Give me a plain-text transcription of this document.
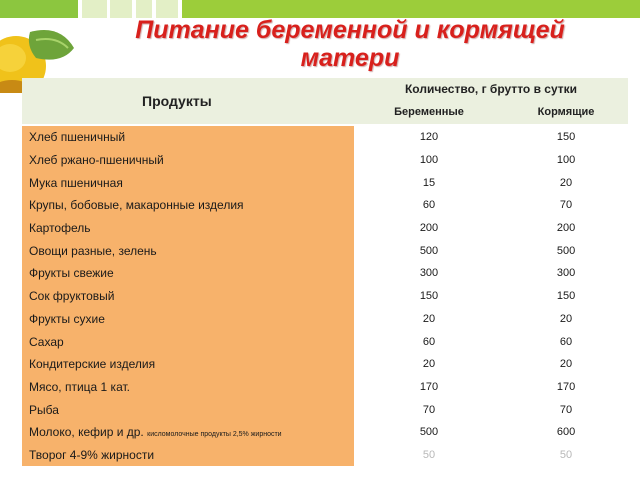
Питание беременной и кормящей матери
Продукты	Количество, г брутто в сутки	
	Беременные	Кормящие
Хлеб пшеничный	120	150
Хлеб ржано-пшеничный	100	100
Мука пшеничная	15	20
Крупы, бобовые, макаронные изделия	60	70
Картофель	200	200
Овощи разные, зелень	500	500
Фрукты свежие	300	300
Сок фруктовый	150	150
Фрукты сухие	20	20
Сахар	60	60
Кондитерские изделия	20	20
Мясо, птица 1 кат.	170	170
Рыба	70	70
Молоко, кефир и др. кисломолочные продукты 2,5% жирности	500	600
Творог 4-9% жирности	50	50
